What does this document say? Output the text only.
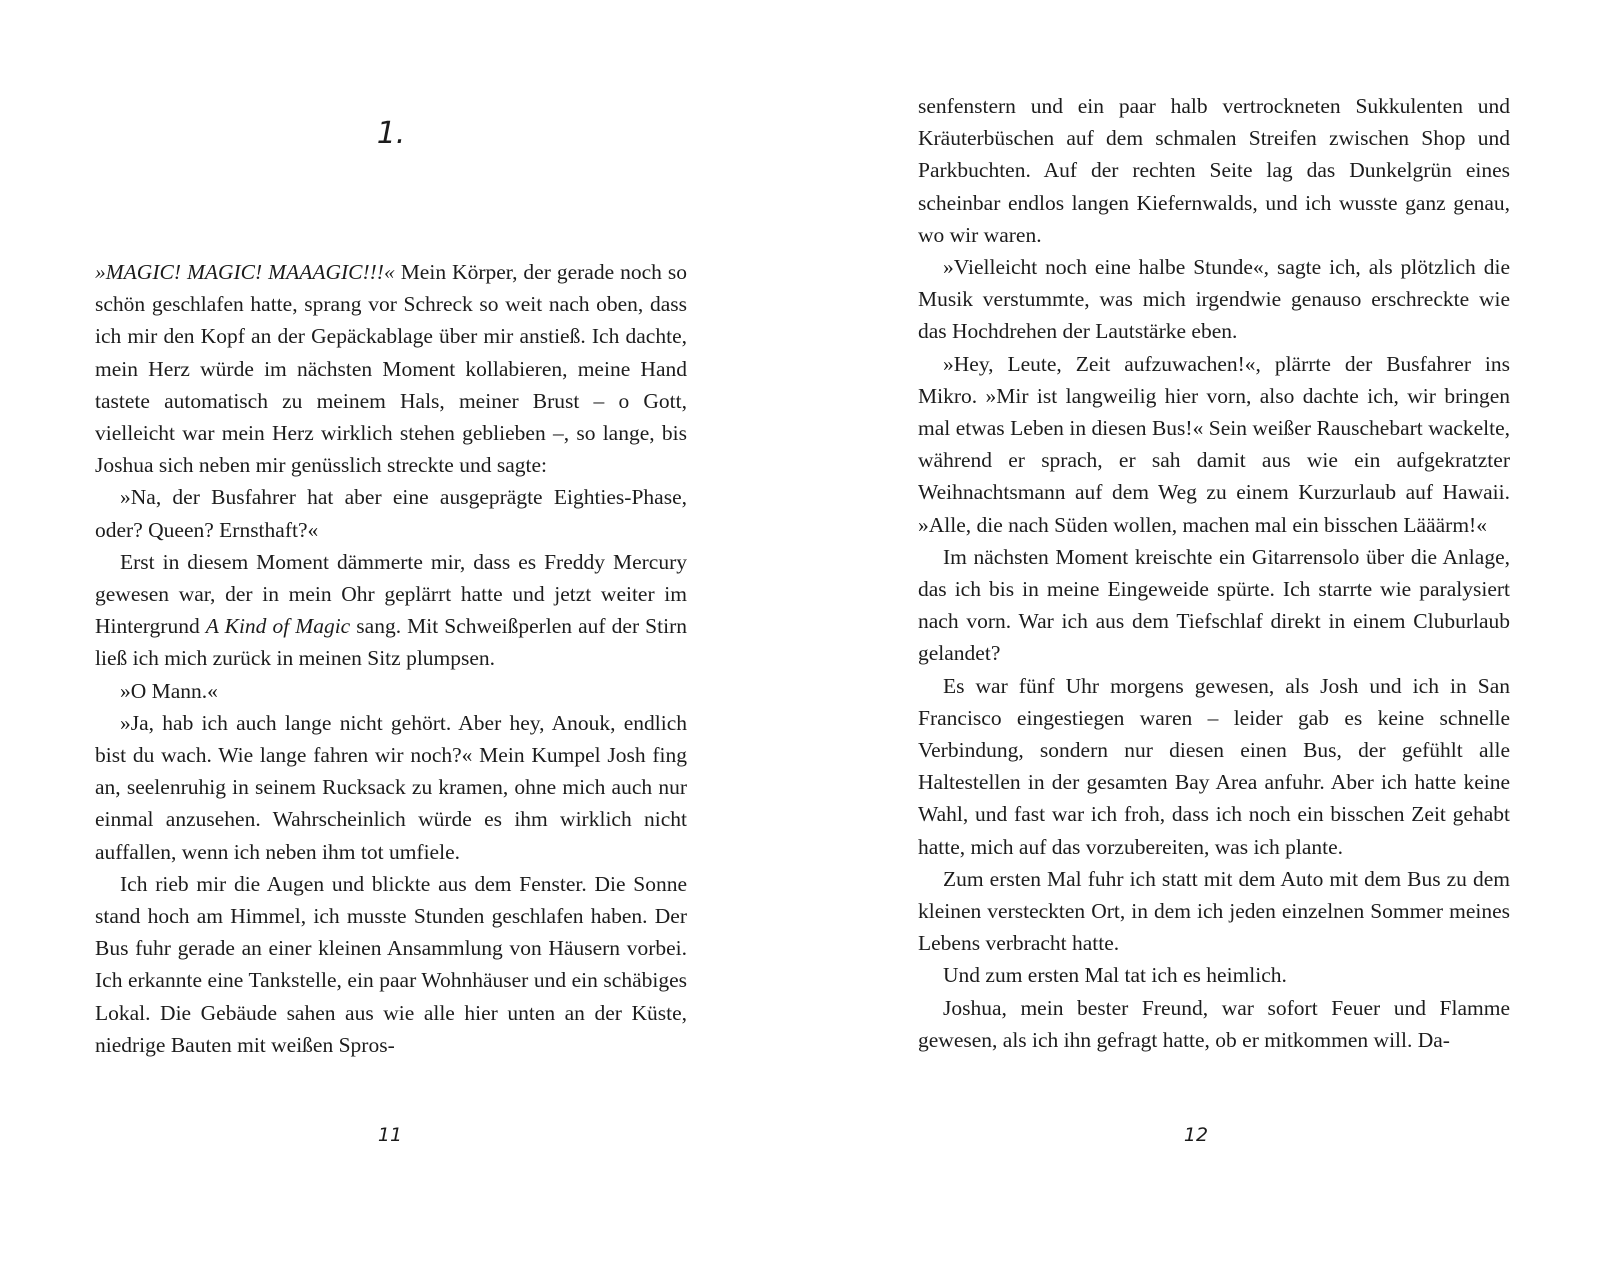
1.

»MAGIC! MAGIC! MAAAGIC!!!« Mein Körper, der gerade noch so schön geschlafen hatte, sprang vor Schreck so weit nach oben, dass ich mir den Kopf an der Gepäckablage über mir anstieß. Ich dachte, mein Herz würde im nächsten Moment kollabieren, meine Hand tastete automatisch zu meinem Hals, meiner Brust – o Gott, vielleicht war mein Herz wirklich stehen geblieben –, so lange, bis Joshua sich neben mir genüsslich streckte und sagte:

»Na, der Busfahrer hat aber eine ausgeprägte Eighties-Phase, oder? Queen? Ernsthaft?«

Erst in diesem Moment dämmerte mir, dass es Freddy Mercury gewesen war, der in mein Ohr geplärrt hatte und jetzt weiter im Hintergrund A Kind of Magic sang. Mit Schweißperlen auf der Stirn ließ ich mich zurück in meinen Sitz plumpsen.

»O Mann.«

»Ja, hab ich auch lange nicht gehört. Aber hey, Anouk, endlich bist du wach. Wie lange fahren wir noch?« Mein Kumpel Josh fing an, seelenruhig in seinem Rucksack zu kramen, ohne mich auch nur einmal anzusehen. Wahrscheinlich würde es ihm wirklich nicht auffallen, wenn ich neben ihm tot umfiele.

Ich rieb mir die Augen und blickte aus dem Fenster. Die Sonne stand hoch am Himmel, ich musste Stunden geschlafen haben. Der Bus fuhr gerade an einer kleinen Ansammlung von Häusern vorbei. Ich erkannte eine Tankstelle, ein paar Wohnhäuser und ein schäbiges Lokal. Die Gebäude sahen aus wie alle hier unten an der Küste, niedrige Bauten mit weißen Spros-

11

senfenstern und ein paar halb vertrockneten Sukkulenten und Kräuterbüschen auf dem schmalen Streifen zwischen Shop und Parkbuchten. Auf der rechten Seite lag das Dunkelgrün eines scheinbar endlos langen Kiefernwalds, und ich wusste ganz genau, wo wir waren.

»Vielleicht noch eine halbe Stunde«, sagte ich, als plötzlich die Musik verstummte, was mich irgendwie genauso erschreckte wie das Hochdrehen der Lautstärke eben.

»Hey, Leute, Zeit aufzuwachen!«, plärrte der Busfahrer ins Mikro. »Mir ist langweilig hier vorn, also dachte ich, wir bringen mal etwas Leben in diesen Bus!« Sein weißer Rauschebart wackelte, während er sprach, er sah damit aus wie ein aufgekratzter Weihnachtsmann auf dem Weg zu einem Kurzurlaub auf Hawaii. »Alle, die nach Süden wollen, machen mal ein bisschen Lääärm!«

Im nächsten Moment kreischte ein Gitarrensolo über die Anlage, das ich bis in meine Eingeweide spürte. Ich starrte wie paralysiert nach vorn. War ich aus dem Tiefschlaf direkt in einem Cluburlaub gelandet?

Es war fünf Uhr morgens gewesen, als Josh und ich in San Francisco eingestiegen waren – leider gab es keine schnelle Verbindung, sondern nur diesen einen Bus, der gefühlt alle Haltestellen in der gesamten Bay Area anfuhr. Aber ich hatte keine Wahl, und fast war ich froh, dass ich noch ein bisschen Zeit gehabt hatte, mich auf das vorzubereiten, was ich plante.

Zum ersten Mal fuhr ich statt mit dem Auto mit dem Bus zu dem kleinen versteckten Ort, in dem ich jeden einzelnen Sommer meines Lebens verbracht hatte.

Und zum ersten Mal tat ich es heimlich.

Joshua, mein bester Freund, war sofort Feuer und Flamme gewesen, als ich ihn gefragt hatte, ob er mitkommen will. Da-

12
